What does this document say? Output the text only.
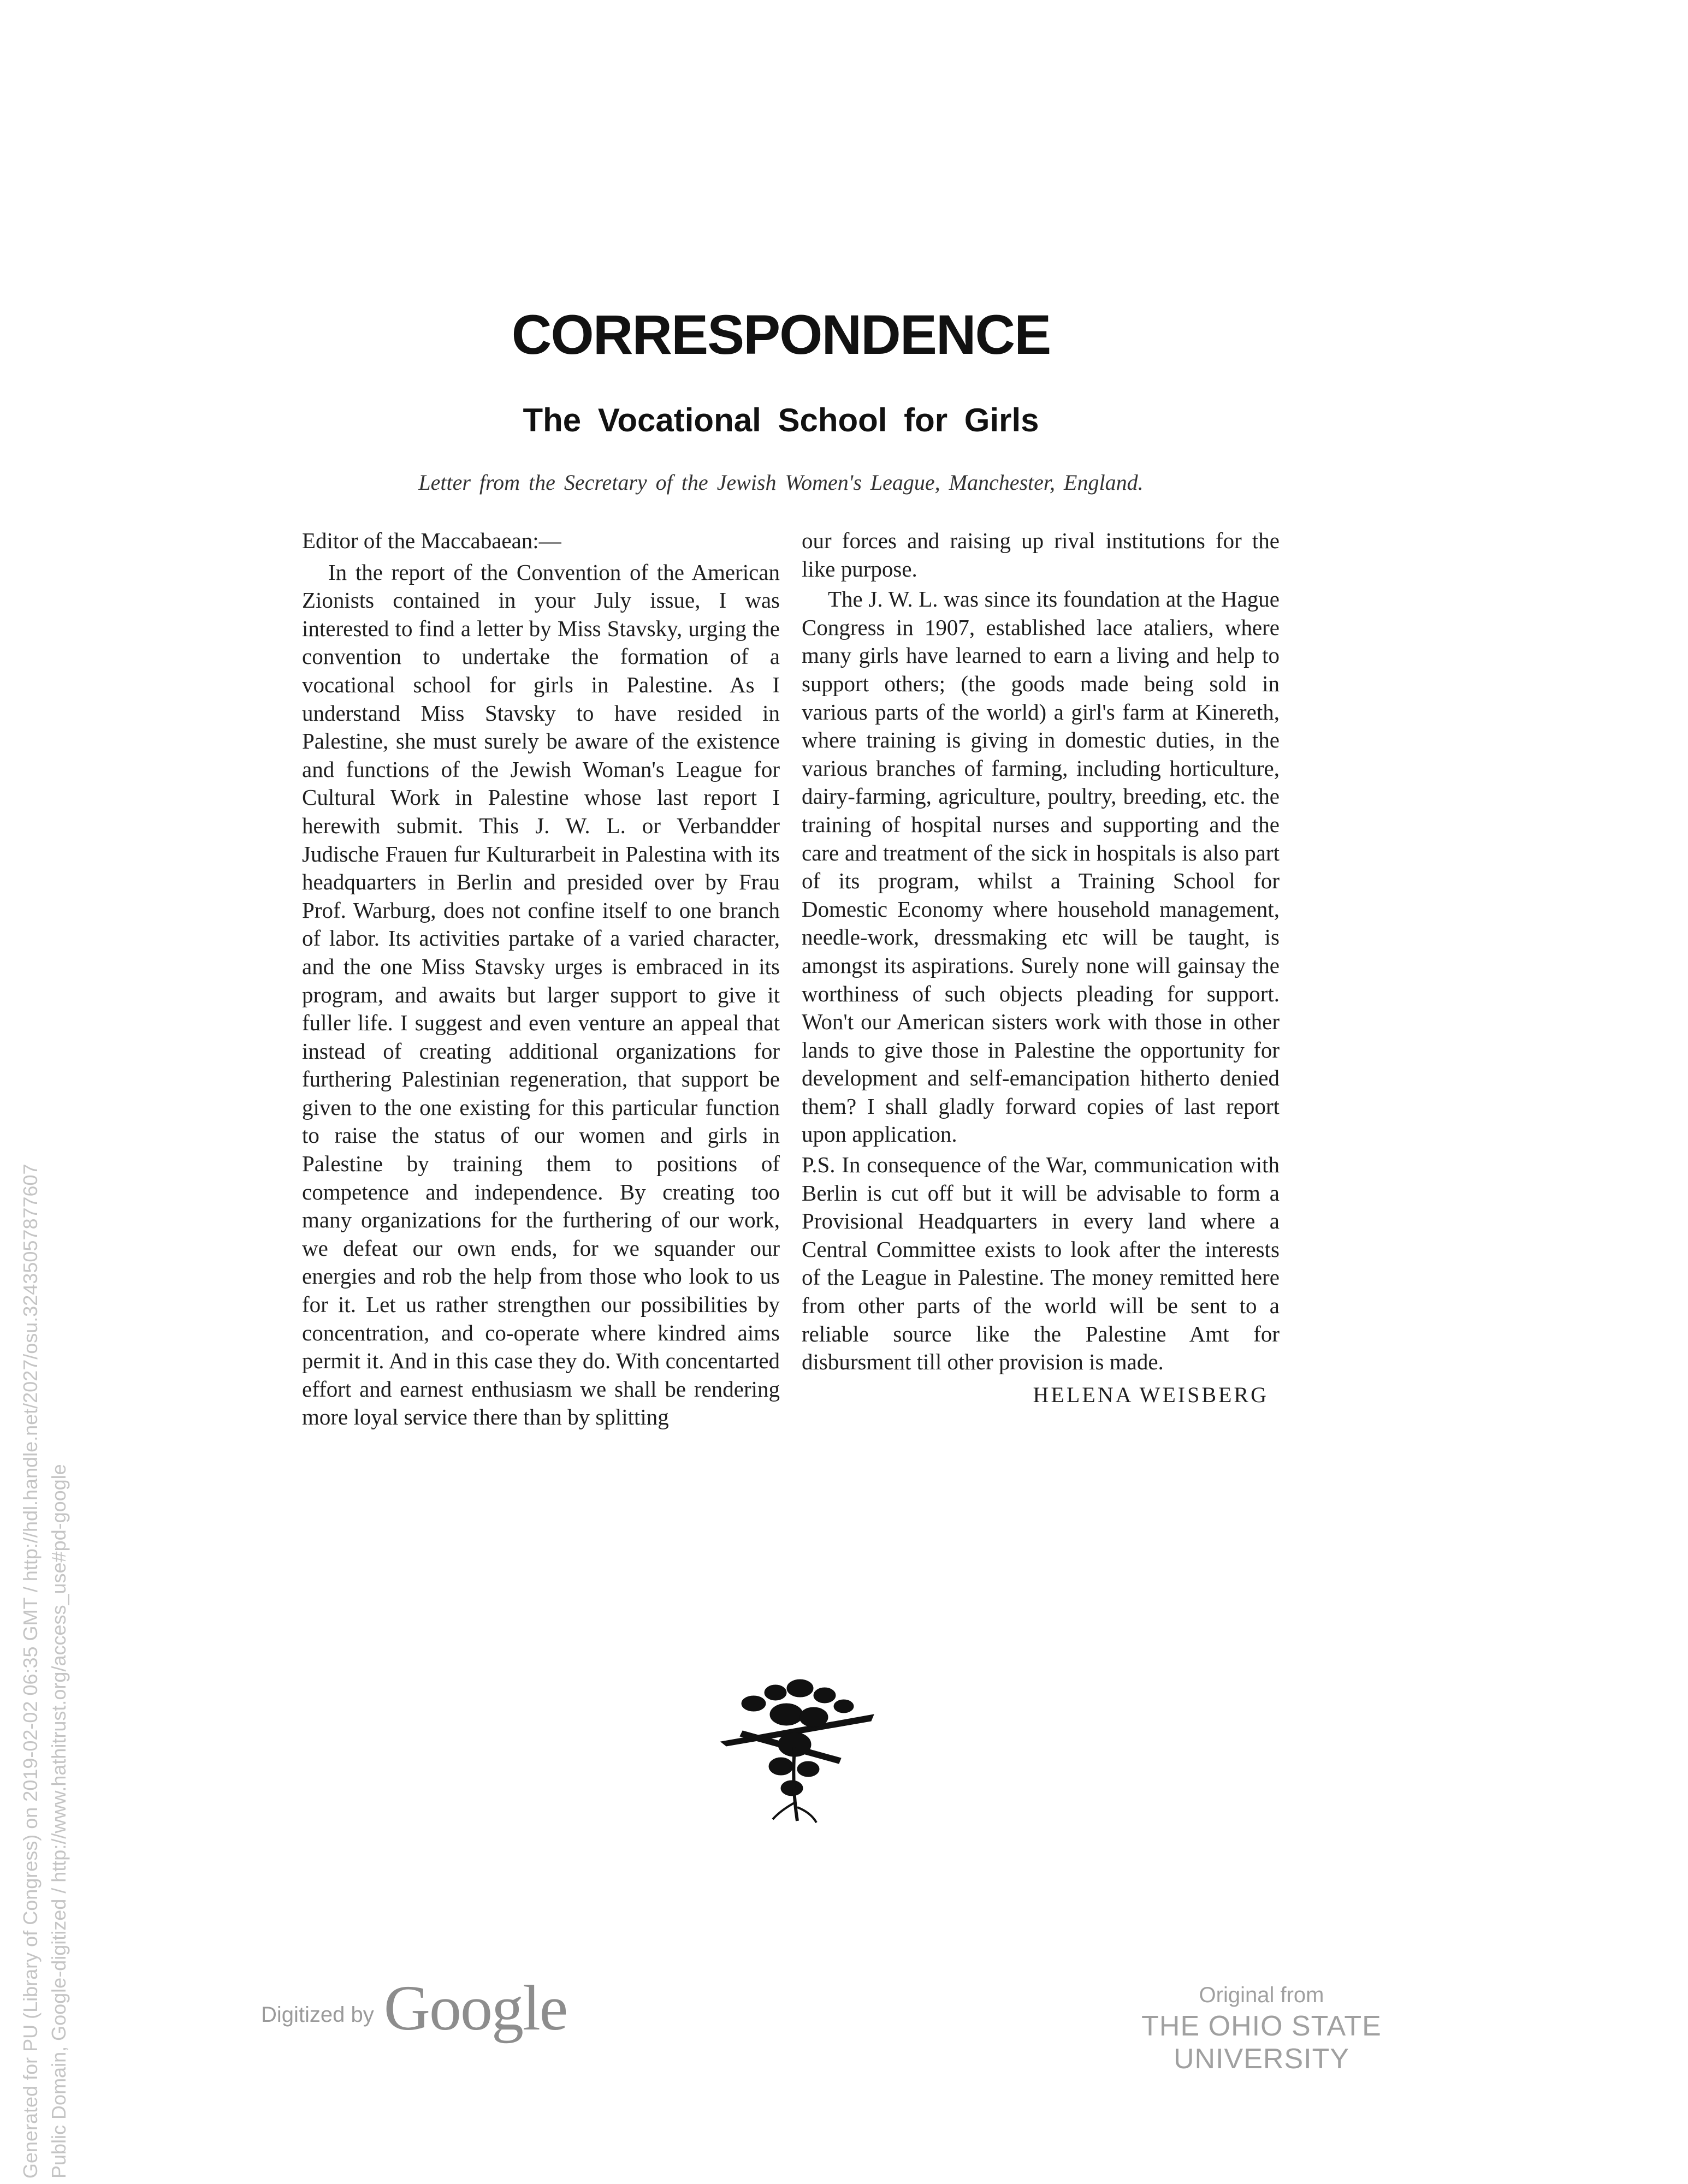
CORRESPONDENCE
The Vocational School for Girls
Letter from the Secretary of the Jewish Women's League, Manchester, England.

Editor of the Maccabaean:—

In the report of the Convention of the American Zionists contained in your July issue, I was interested to find a letter by Miss Stavsky, urging the convention to undertake the formation of a vocational school for girls in Palestine. As I understand Miss Stavsky to have resided in Palestine, she must surely be aware of the existence and functions of the Jewish Woman's League for Cultural Work in Palestine whose last report I herewith submit. This J. W. L. or Verbandder Judische Frauen fur Kulturarbeit in Palestina with its headquarters in Berlin and presided over by Frau Prof. Warburg, does not confine itself to one branch of labor. Its activities partake of a varied character, and the one Miss Stavsky urges is embraced in its program, and awaits but larger support to give it fuller life. I suggest and even venture an appeal that instead of creating additional organizations for furthering Palestinian regeneration, that support be given to the one existing for this particular function to raise the status of our women and girls in Palestine by training them to positions of competence and independence. By creating too many organizations for the furthering of our work, we defeat our own ends, for we squander our energies and rob the help from those who look to us for it. Let us rather strengthen our possibilities by concentration, and co-operate where kindred aims permit it. And in this case they do. With concentarted effort and earnest enthusiasm we shall be rendering more loyal service there than by splitting

our forces and raising up rival institutions for the like purpose.

The J. W. L. was since its foundation at the Hague Congress in 1907, established lace ataliers, where many girls have learned to earn a living and help to support others; (the goods made being sold in various parts of the world) a girl's farm at Kinereth, where training is giving in domestic duties, in the various branches of farming, including horticulture, dairy-farming, agriculture, poultry, breeding, etc. the training of hospital nurses and supporting and the care and treatment of the sick in hospitals is also part of its program, whilst a Training School for Domestic Economy where household management, needle-work, dressmaking etc will be taught, is amongst its aspirations. Surely none will gainsay the worthiness of such objects pleading for support. Won't our American sisters work with those in other lands to give those in Palestine the opportunity for development and self-emancipation hitherto denied them? I shall gladly forward copies of last report upon application.

P.S. In consequence of the War, communication with Berlin is cut off but it will be advisable to form a Provisional Headquarters in every land where a Central Committee exists to look after the interests of the League in Palestine. The money remitted here from other parts of the world will be sent to a reliable source like the Palestine Amt for disbursment till other provision is made.

HELENA WEISBERG
Generated for PU (Library of Congress) on 2019-02-02 06:35 GMT / http://hdl.handle.net/2027/osu.32435057877607 Public Domain, Google-digitized / http://www.hathitrust.org/access_use#pd-google	Digitized by Google	Original from
THE OHIO STATE UNIVERSITY
